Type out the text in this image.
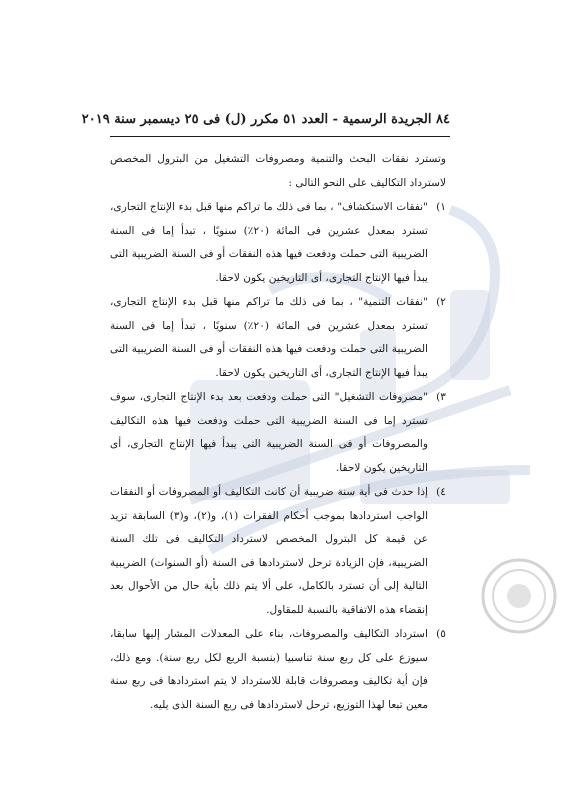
٨٤ الجريدة الرسمية - العدد ٥١ مكرر (ل) فى ٢٥ ديسمبر سنة ٢٠١٩

وتسترد نفقات البحث والتنمية ومصروفات التشغيل من البترول المخصص لاسترداد التكاليف على النحو التالى :

١)
"نفقات الاستكشاف" ، بما فى ذلك ما تراكم منها قبل بدء الإنتاج التجارى، تسترد بمعدل عشرين فى المائة (٢٠٪) سنويًا ، تبدأ إما فى السنة الضريبية التى حملت ودفعت فيها هذه النفقات أو فى السنة الضريبية التى يبدأ فيها الإنتاج التجارى، أى التاريخين يكون لاحقا.
٢)
"نفقات التنمية" ، بما فى ذلك ما تراكم منها قبل بدء الإنتاج التجارى، تسترد بمعدل عشرين فى المائة (٢٠٪) سنويًا ، تبدأ إما فى السنة الضريبية التى حملت ودفعت فيها هذه النفقات أو فى السنة الضريبية التى يبدأ فيها الإنتاج التجارى، أى التاريخين يكون لاحقا.
٣)
"مصروفات التشغيل" التى حملت ودفعت بعد بدء الإنتاج التجارى، سوف تسترد إما فى السنة الضريبية التى حملت ودفعت فيها هذه التكاليف والمصروفات أو فى السنة الضريبية التى يبدأ فيها الإنتاج التجارى، أى التاريخين يكون لاحقا.
٤)
إذا حدث فى أية سنة ضريبية أن كانت التكاليف أو المصروفات أو النفقات الواجب استردادها بموجب أحكام الفقرات (١)، و(٢)، و(٣) السابقة تزيد عن قيمة كل البترول المخصص لاسترداد التكاليف فى تلك السنة الضريبية، فإن الزيادة ترحل لاستردادها فى السنة (أو السنوات) الضريبية التالية إلى أن تسترد بالكامل، على ألا يتم ذلك بأية حال من الأحوال بعد إنقضاء هذه الاتفاقية بالنسبة للمقاول.
٥)
استرداد التكاليف والمصروفات، بناء على المعدلات المشار إليها سابقا، سيوزع على كل ربع سنة تناسبيا (بنسبة الربع لكل ربع سنة). ومع ذلك، فإن أية تكاليف ومصروفات قابلة للاسترداد لا يتم استردادها فى ربع سنة معين تبعا لهذا التوزيع، ترحل لاستردادها فى ربع السنة الذى يليه.
